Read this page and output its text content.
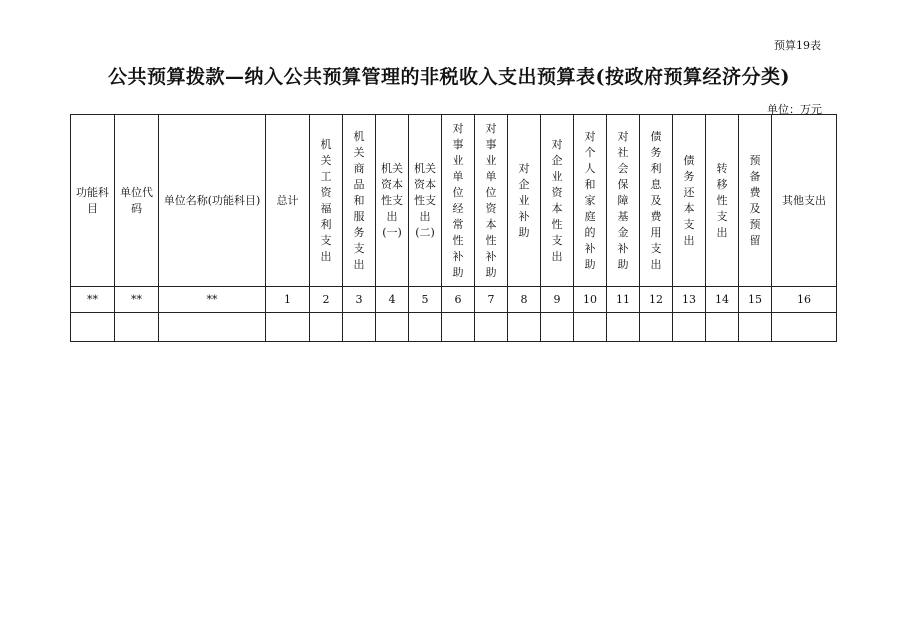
预算19表
公共预算拨款—纳入公共预算管理的非税收入支出预算表(按政府预算经济分类)
单位：万元
功能科目	单位代码	单位名称(功能科目)	总计	机关工资福利支出	机关商品和服务支出	机关资本性支出(一)	机关资本性支出(二)	对事业单位经常性补助	对事业单位资本性补助	对企业补助	对企业资本性支出	对个人和家庭的补助	对社会保障基金补助	债务利息及费用支出	债务还本支出	转移性支出	预备费及预留	其他支出
**	**	**	1	2	3	4	5	6	7	8	9	10	11	12	13	14	15	16
